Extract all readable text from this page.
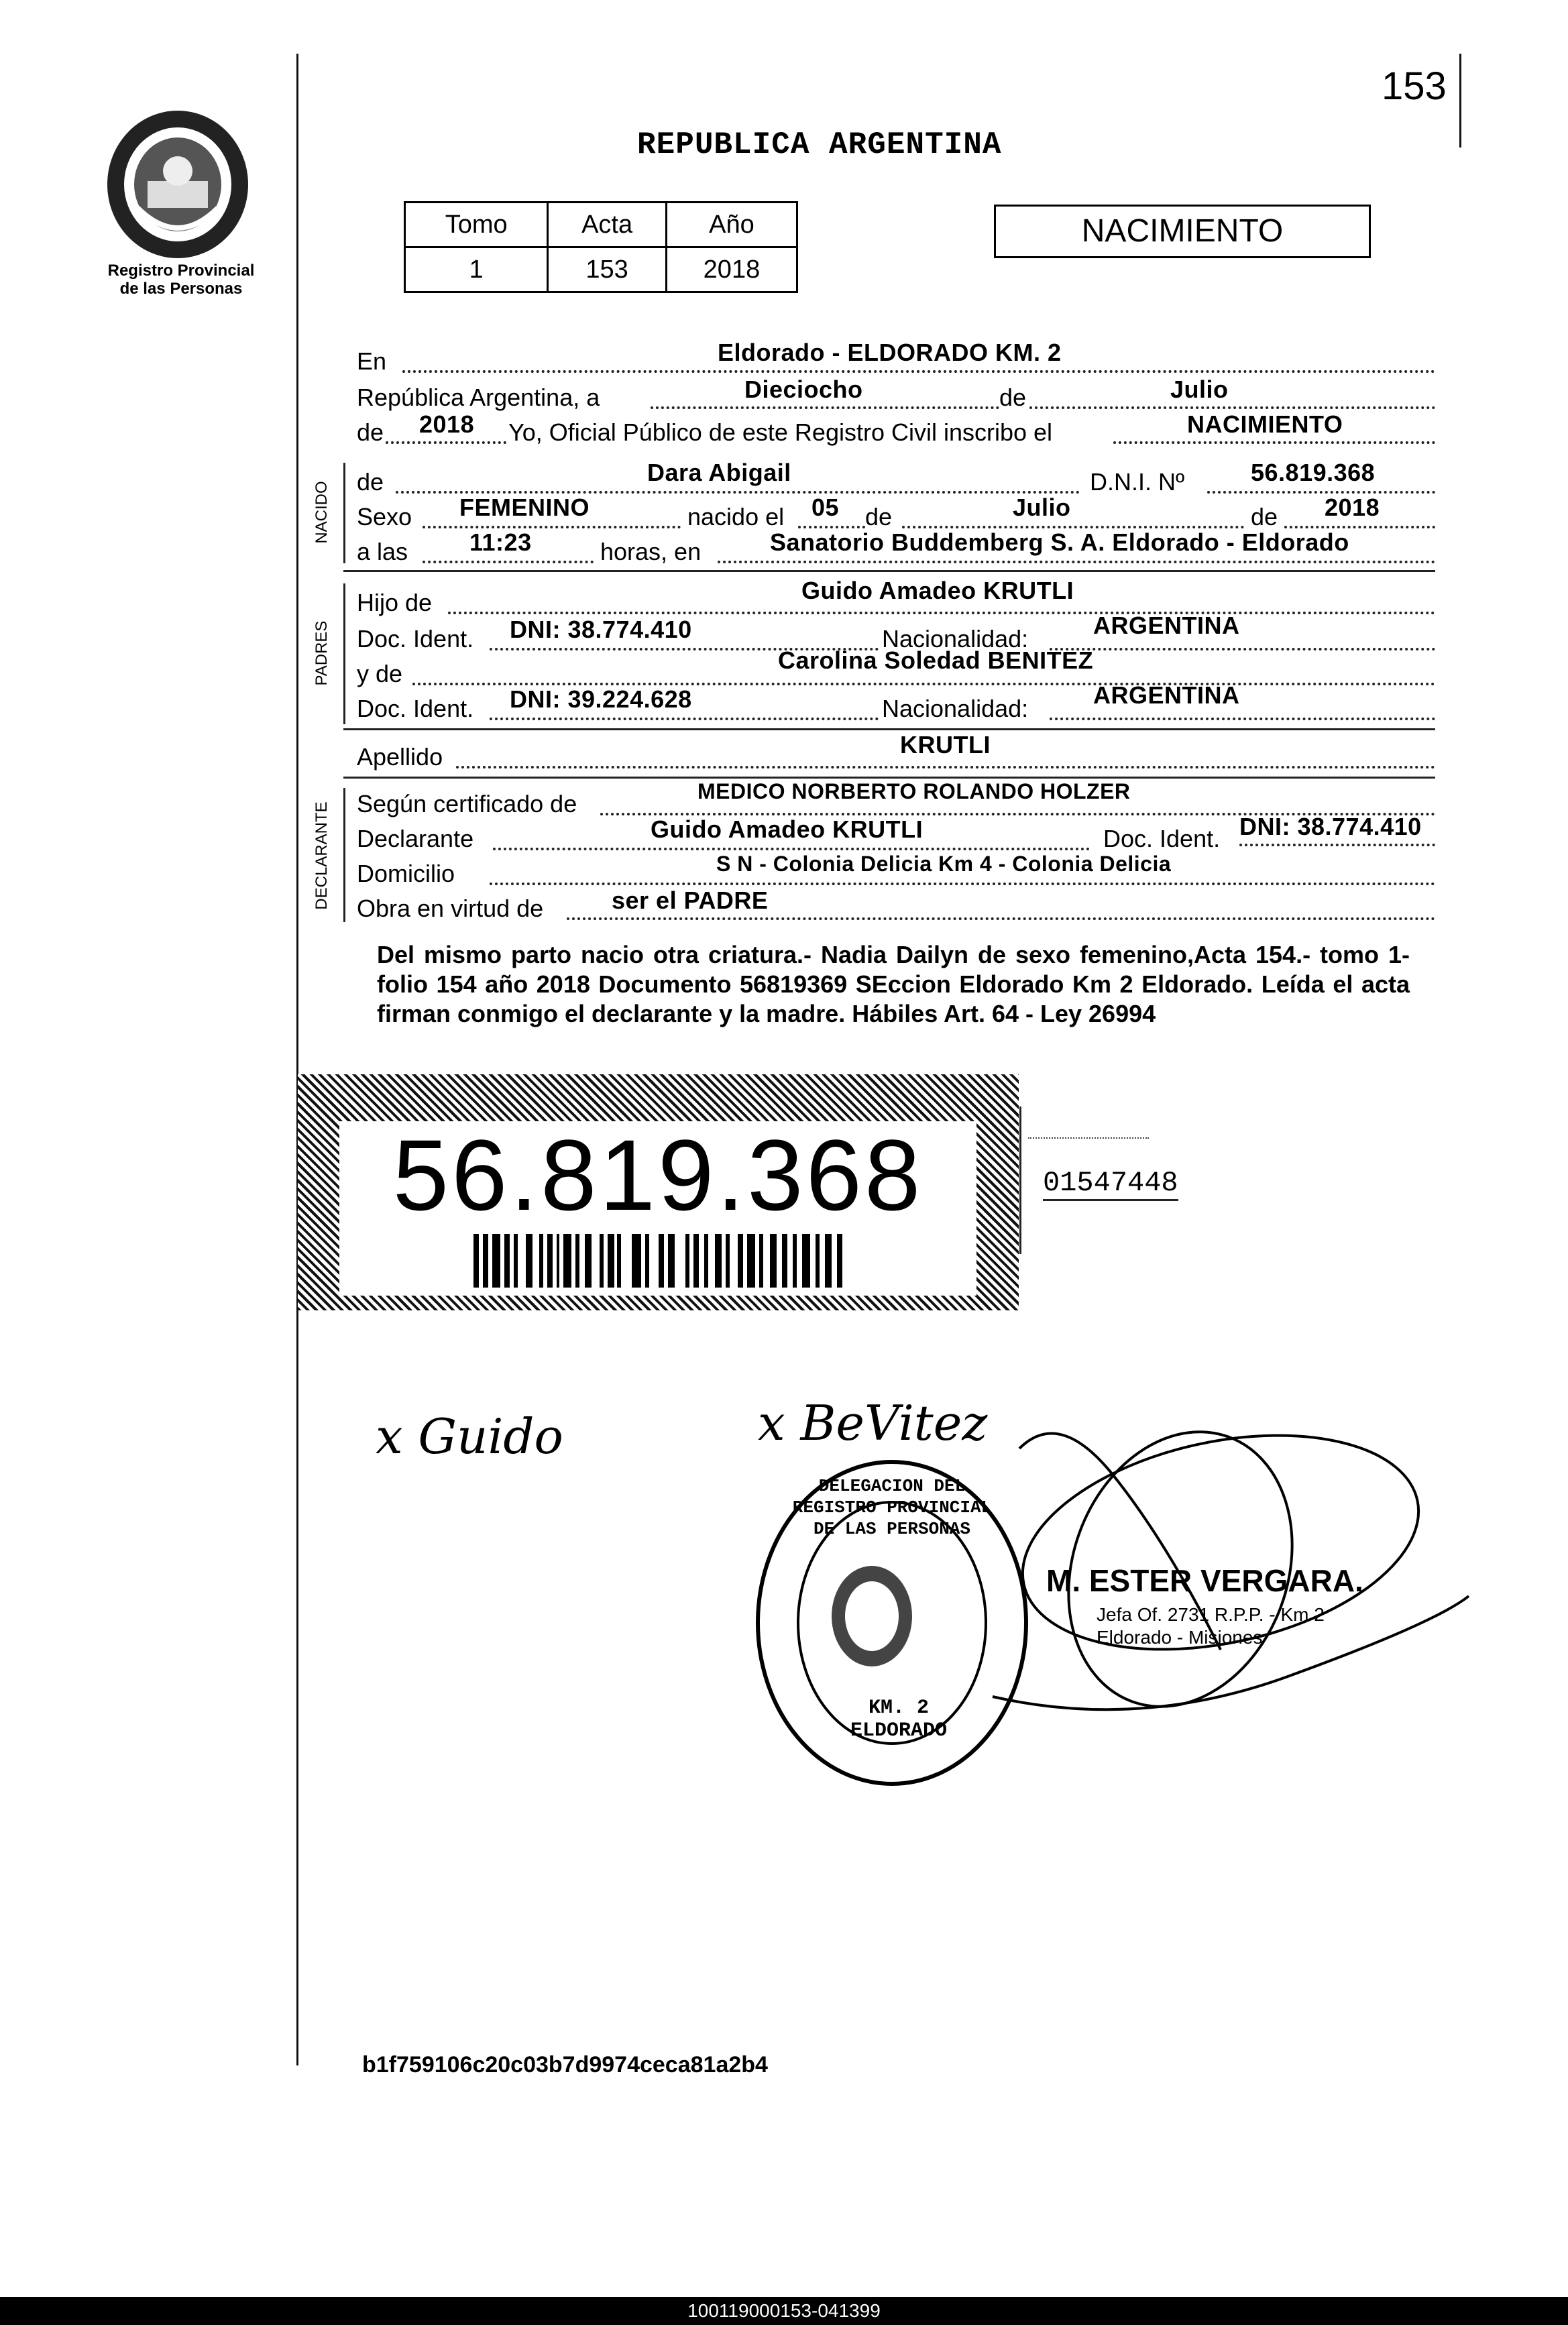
153
Registro Provincial
de las Personas
REPUBLICA ARGENTINA
Tomo	Acta	Año
1	153	2018
NACIMIENTO
En	Eldorado - ELDORADO KM. 2
República Argentina, a	Dieciocho	de	Julio
de 2018 Yo, Oficial Público de este Registro Civil inscribo el	NACIMIENTO
NACIDO de	Dara Abigail	D.N.I. Nº	56.819.368
Sexo FEMENINO	nacido el 05 de	Julio	de 2018
a las	11:23	horas, en	Sanatorio Buddemberg S. A. Eldorado - Eldorado
PADRES
Hijo de	Guido Amadeo KRUTLI
Doc. Ident. DNI: 38.774.410	Nacionalidad:	ARGENTINA
y de	Carolina Soledad BENITEZ
Doc. Ident. DNI: 39.224.628	Nacionalidad:	ARGENTINA
Apellido	KRUTLI
DECLARANTE Según certificado de	MEDICO NORBERTO ROLANDO HOLZER
Declarante	Guido Amadeo KRUTLI	Doc. Ident. DNI: 38.774.410
Domicilio	S N - Colonia Delicia Km 4 - Colonia Delicia
Obra en virtud de	ser el PADRE
Del mismo parto nacio otra criatura.- Nadia Dailyn de sexo femenino,Acta 154.- tomo 1-folio 154 año 2018 Documento 56819369 SEccion Eldorado Km 2 Eldorado. Leída el acta firman conmigo el declarante y la madre. Hábiles Art. 64 - Ley 26994
56.819.368	01547448
x Guido	x BeVitez
DELEGACION DEL REGISTRO PROVINCIAL DE LAS PERSONAS
KM. 2 ELDORADO
M. ESTER VERGARA.
Jefa Of. 2731 R.P.P. - Km 2
Eldorado - Misiones
b1f759106c20c03b7d9974ceca81a2b4
100119000153-041399
